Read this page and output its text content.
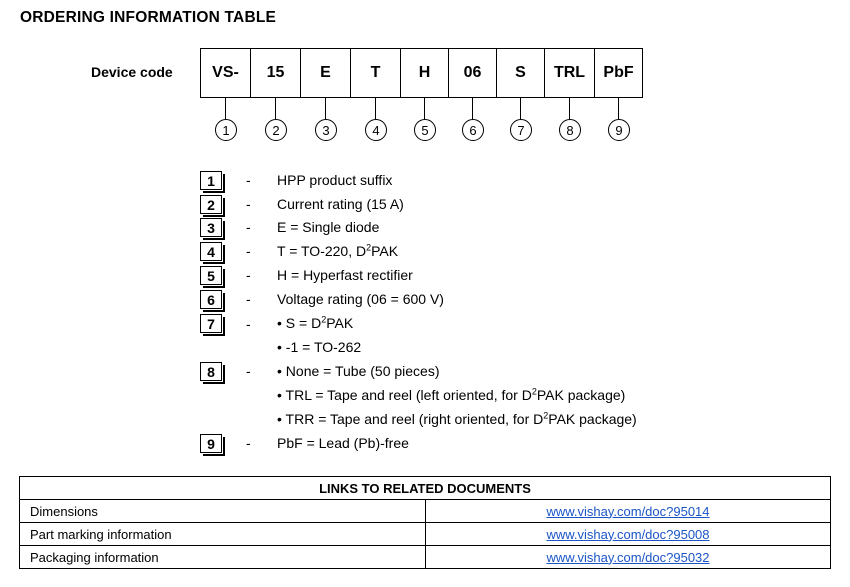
ORDERING INFORMATION TABLE
Device code	VS-	15	E	T	H	06	S	TRL	PbF
1	2	3	4	5	6	7	8	9
1	- HPP product suffix
2	- Current rating (15 A)
3	- E = Single diode
4	- T = TO-220, $D^2PAK$
5	- H = Hyperfast rectifier
6	- Voltage rating (06 = 600 V)
7	- • $S = D^2PAK$
• -1 = TO-262
8	- • None = Tube (50 pieces)
• TRL = Tape and reel (left oriented, for $D^2PAK$ package)
• TRR = Tape and reel (right oriented, for $D^2PAK$ package)
9	- PbF = Lead (Pb)-free
LINKS TO RELATED DOCUMENTS	
Dimensions	www.vishay.com/doc?95014
Part marking information	www.vishay.com/doc?95008
Packaging information	www.vishay.com/doc?95032
